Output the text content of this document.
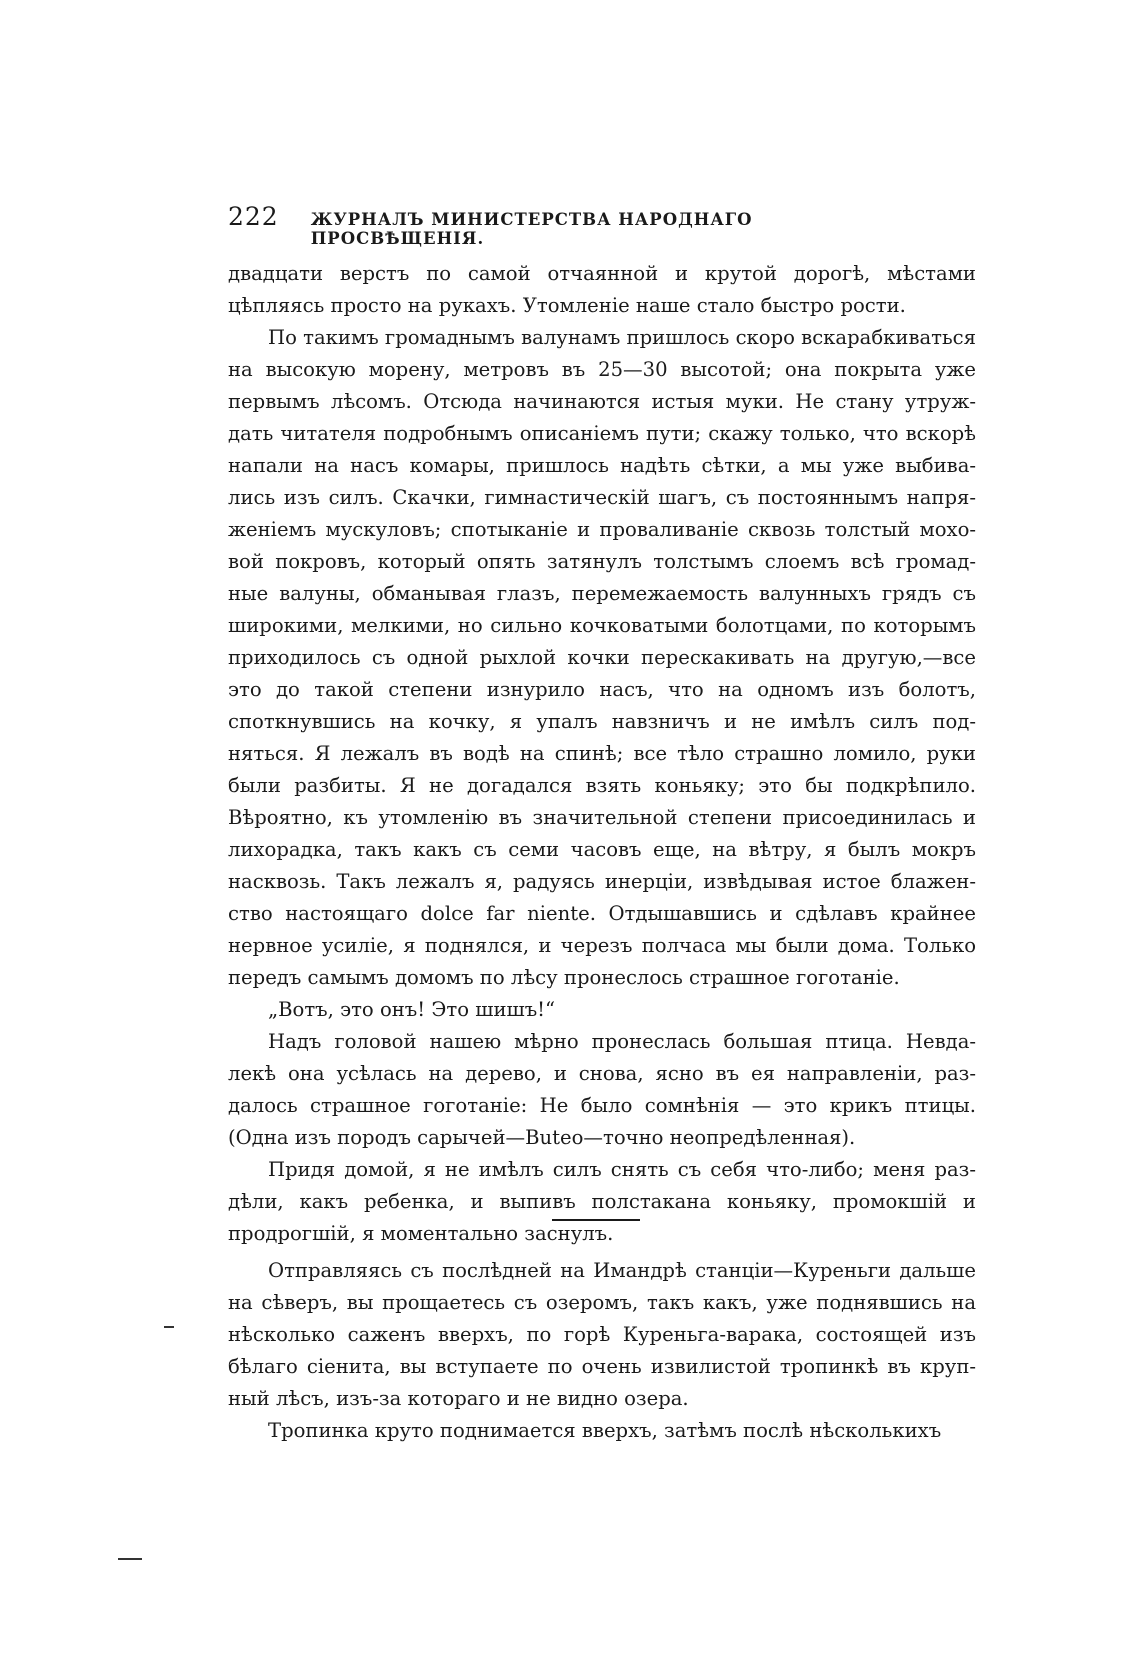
222 ЖУРНАЛЪ МИНИСТЕРСТВА НАРОДНАГО ПРОСВѢЩЕНІЯ.
двадцати верстъ по самой отчаянной и крутой дорогѣ, мѣстами
цѣпляясь просто на рукахъ. Утомленіе наше стало быстро рости.
По такимъ громаднымъ валунамъ пришлось скоро вскарабкиваться
на высокую морену, метровъ въ 25—30 высотой; она покрыта уже
первымъ лѣсомъ. Отсюда начинаются истыя муки. Не стану утруж-
дать читателя подробнымъ описаніемъ пути; скажу только, что вскорѣ
напали на насъ комары, пришлось надѣть сѣтки, а мы уже выбива-
лись изъ силъ. Скачки, гимнастическій шагъ, съ постояннымъ напря-
женіемъ мускуловъ; спотыканіе и проваливаніе сквозь толстый мохо-
вой покровъ, который опять затянулъ толстымъ слоемъ всѣ громад-
ные валуны, обманывая глазъ, перемежаемость валунныхъ грядъ съ
широкими, мелкими, но сильно кочковатыми болотцами, по которымъ
приходилось съ одной рыхлой кочки перескакивать на другую,—все
это до такой степени изнурило насъ, что на одномъ изъ болотъ,
споткнувшись на кочку, я упалъ навзничъ и не имѣлъ силъ под-
няться. Я лежалъ въ водѣ на спинѣ; все тѣло страшно ломило, руки
были разбиты. Я не догадался взять коньяку; это бы подкрѣпило.
Вѣроятно, къ утомленію въ значительной степени присоединилась и
лихорадка, такъ какъ съ семи часовъ еще, на вѣтру, я былъ мокръ
насквозь. Такъ лежалъ я, радуясь инерціи, извѣдывая истое блажен-
ство настоящаго dolce far niente. Отдышавшись и сдѣлавъ крайнее
нервное усиліе, я поднялся, и черезъ полчаса мы были дома. Только
передъ самымъ домомъ по лѣсу пронеслось страшное гоготаніе.
„Вотъ, это онъ! Это шишъ!“
Надъ головой нашею мѣрно пронеслась большая птица. Невда-
лекѣ она усѣлась на дерево, и снова, ясно въ ея направленіи, раз-
далось страшное гоготаніе: Не было сомнѣнія — это крикъ птицы.
(Одна изъ породъ сарычей—Buteo—точно неопредѣленная).
Придя домой, я не имѣлъ силъ снять съ себя что-либо; меня раз-
дѣли, какъ ребенка, и выпивъ полстакана коньяку, промокшій и
продрогшій, я моментально заснулъ.
Отправляясь съ послѣдней на Имандрѣ станціи—Куреньги дальше
на сѣверъ, вы прощаетесь съ озеромъ, такъ какъ, уже поднявшись на
нѣсколько саженъ вверхъ, по горѣ Куреньга-варака, состоящей изъ
бѣлаго сіенита, вы вступаете по очень извилистой тропинкѣ въ круп-
ный лѣсъ, изъ-за котораго и не видно озера.
Тропинка круто поднимается вверхъ, затѣмъ послѣ нѣсколькихъ
